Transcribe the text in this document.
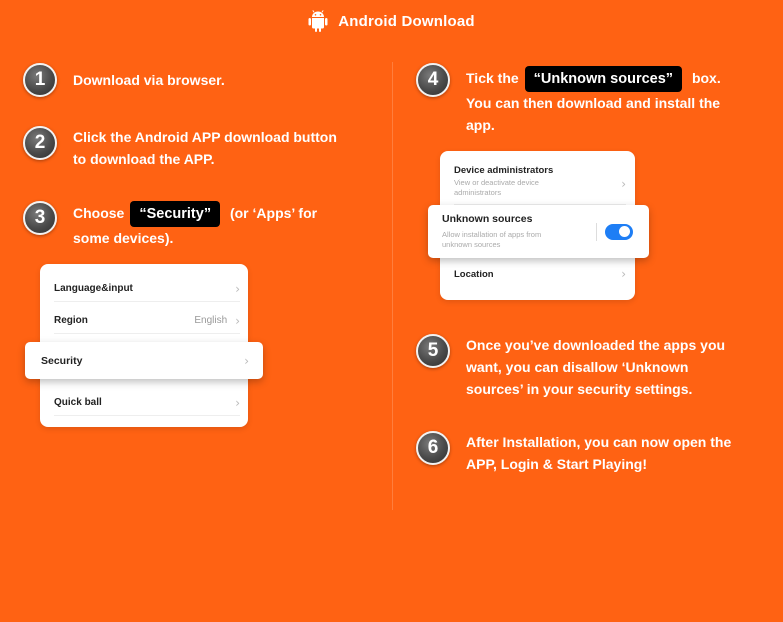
Android Download
1	Download via browser.
2	Click the Android APP download button
to download the APP.
3	Choose “Security” (or ‘Apps’ for
some devices).
Language&input	›
Region	English ›
Quick ball	›
Security	›
4	Tick the “Unknown sources” box.
You can then download and install the
app.
Device administrators
View or deactivate device
administrators
›
Location	›
Unknown sources
Allow installation of apps from
unknown sources
5	Once you’ve downloaded the apps you
want, you can disallow ‘Unknown
sources’ in your security settings.
6	After Installation, you can now open the
APP, Login & Start Playing!
